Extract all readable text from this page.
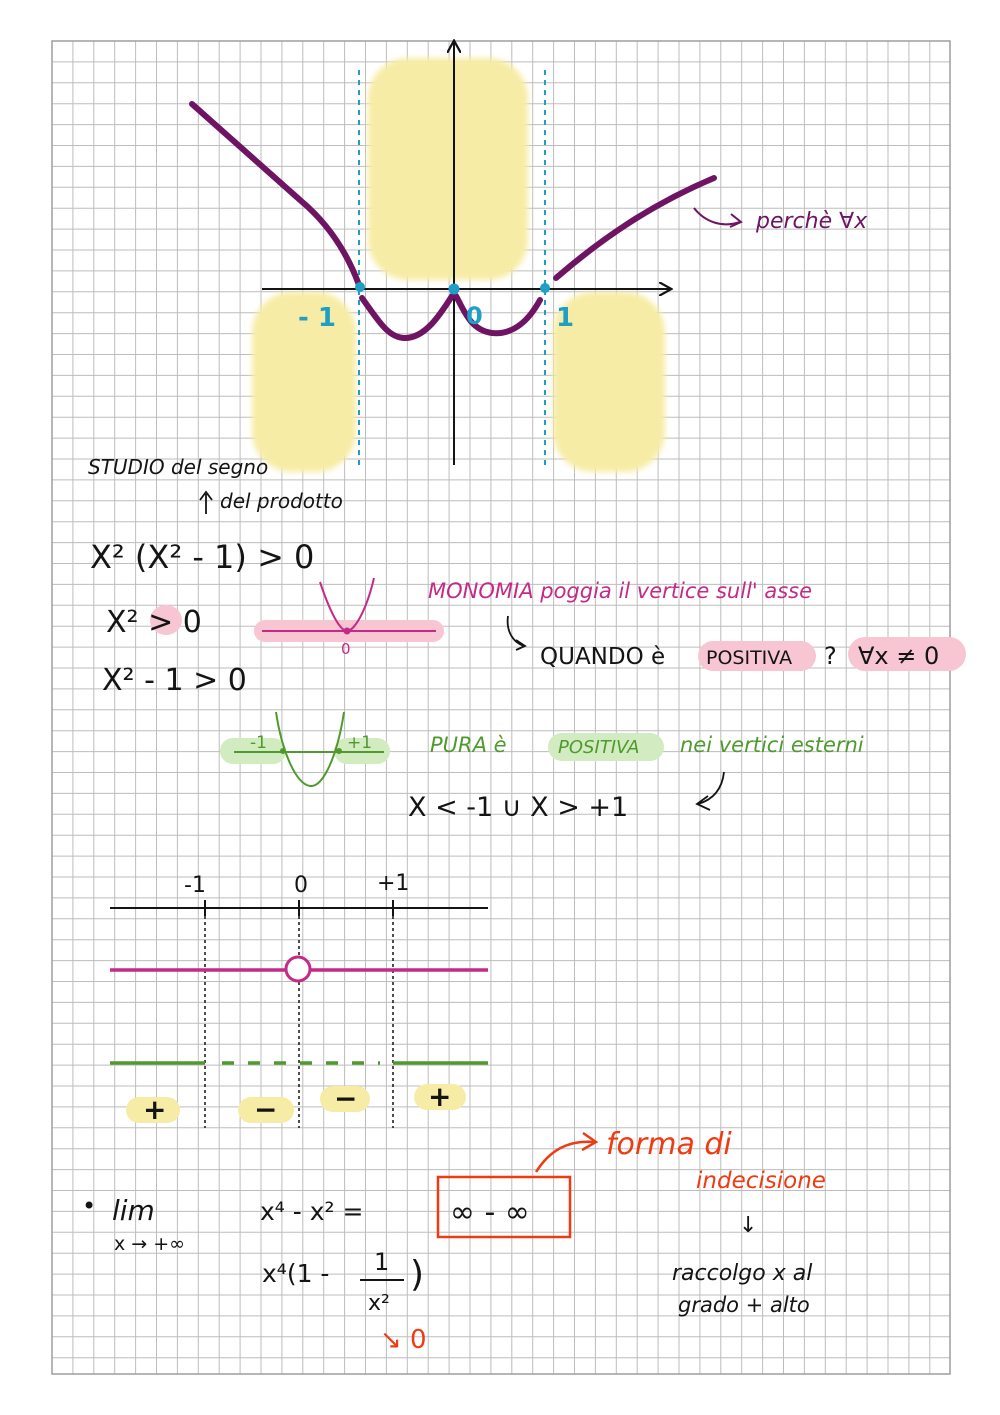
- 1	0	1
perchè ∀x
STUDIO del segno
del prodotto
X² (X² - 1) > 0
X² > 0
X² - 1 > 0
0
MONOMIA poggia il vertice sull' asse
QUANDO è POSITIVA ? ∀x ≠ 0
-1	+1	PURA è	POSITIVA nei vertici esterni
X < -1 ∪ X > +1
-1	0	+1
+	− −	+
• lim
x → +∞
x⁴ - x² =	∞ - ∞
forma di
indecisione
↓
x⁴(1 - 1
x²
)
↘ 0
raccolgo x al
grado + alto
